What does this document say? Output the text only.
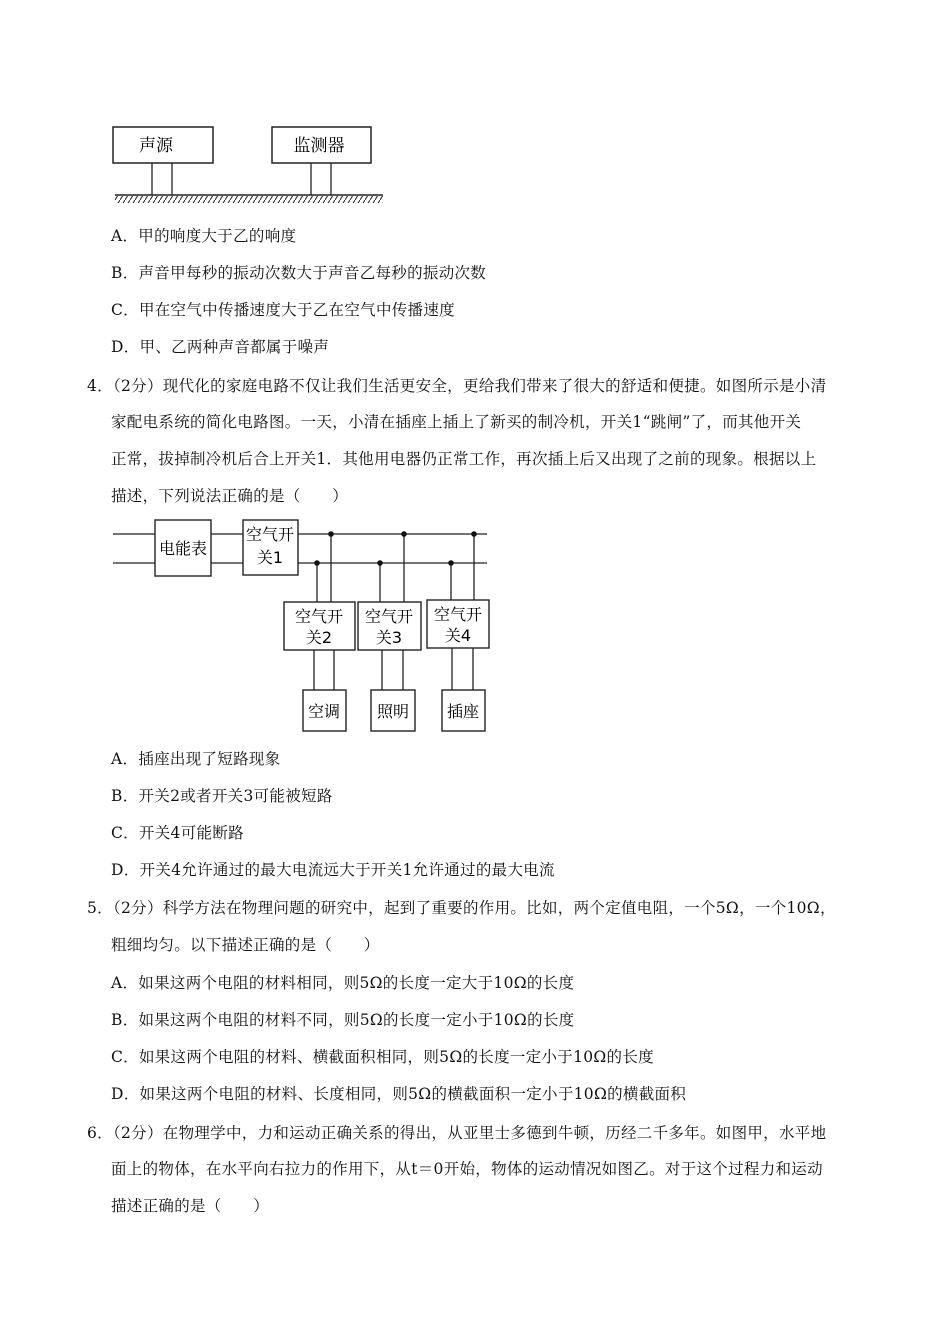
声源	监测器
A．甲的响度大于乙的响度
B．声音甲每秒的振动次数大于声音乙每秒的振动次数
C．甲在空气中传播速度大于乙在空气中传播速度
D．甲、乙两种声音都属于噪声
4．（2分）现代化的家庭电路不仅让我们生活更安全，更给我们带来了很大的舒适和便捷。如图所示是小清
家配电系统的简化电路图。一天，小清在插座上插上了新买的制冷机，开关1“跳闸”了，而其他开关
正常，拔掉制冷机后合上开关1．其他用电器仍正常工作，再次插上后又出现了之前的现象。根据以上
描述，下列说法正确的是（　　）
电能表
空气开
关1
空气开
关2
空气开
关3
空气开
关4
空调 照明 插座
A．插座出现了短路现象
B．开关2或者开关3可能被短路
C．开关4可能断路
D．开关4允许通过的最大电流远大于开关1允许通过的最大电流
5．（2分）科学方法在物理问题的研究中，起到了重要的作用。比如，两个定值电阻，一个5Ω，一个10Ω，
粗细均匀。以下描述正确的是（　　）
A．如果这两个电阻的材料相同，则5Ω的长度一定大于10Ω的长度
B．如果这两个电阻的材料不同，则5Ω的长度一定小于10Ω的长度
C．如果这两个电阻的材料、横截面积相同，则5Ω的长度一定小于10Ω的长度
D．如果这两个电阻的材料、长度相同，则5Ω的横截面积一定小于10Ω的横截面积
6．（2分）在物理学中，力和运动正确关系的得出，从亚里士多德到牛顿，历经二千多年。如图甲，水平地
面上的物体，在水平向右拉力的作用下，从t＝0开始，物体的运动情况如图乙。对于这个过程力和运动
描述正确的是（　　）
